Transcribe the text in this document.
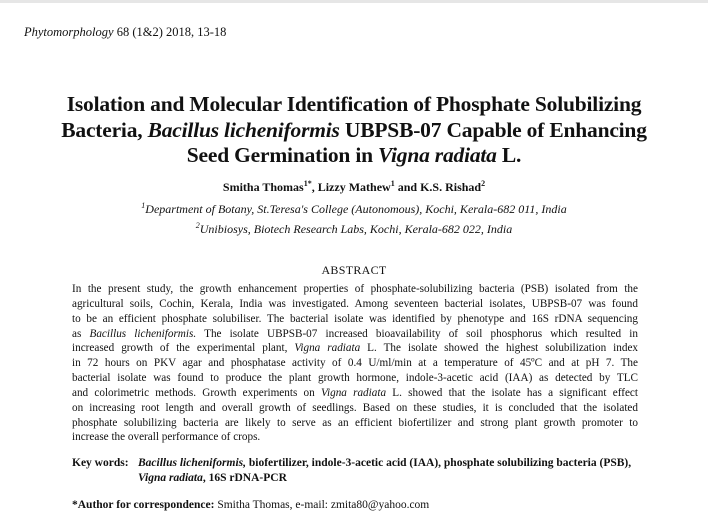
Phytomorphology 68 (1&2) 2018, 13-18
Isolation and Molecular Identification of Phosphate Solubilizing
Bacteria, Bacillus licheniformis UBPSB-07 Capable of Enhancing
Seed Germination in Vigna radiata L.
Smitha Thomas$^{1*}$, Lizzy Mathew$^1$ and K.S. Rishad$^2$
$^1$Department of Botany, St.Teresa's College (Autonomous), Kochi, Kerala-682 011, India
$^2$Unibiosys, Biotech Research Labs, Kochi, Kerala-682 022, India
ABSTRACT
In the present study, the growth enhancement properties of phosphate-solubilizing bacteria (PSB) isolated from the
agricultural soils, Cochin, Kerala, India was investigated. Among seventeen bacterial isolates, UBPSB-07 was found
to be an efficient phosphate solubiliser. The bacterial isolate was identified by phenotype and 16S rDNA sequencing
as Bacillus licheniformis. The isolate UBPSB-07 increased bioavailability of soil phosphorus which resulted in
increased growth of the experimental plant, Vigna radiata L. The isolate showed the highest solubilization index
in 72 hours on PKV agar and phosphatase activity of 0.4 U/ml/min at a temperature of 45ºC and at pH 7. The
bacterial isolate was found to produce the plant growth hormone, indole-3-acetic acid (IAA) as detected by TLC
and colorimetric methods. Growth experiments on Vigna radiata L. showed that the isolate has a significant effect
on increasing root length and overall growth of seedlings. Based on these studies, it is concluded that the isolated
phosphate solubilizing bacteria are likely to serve as an efficient biofertilizer and strong plant growth promoter to
increase the overall performance of crops.
Key words: Bacillus licheniformis, biofertilizer, indole-3-acetic acid (IAA), phosphate solubilizing bacteria (PSB),
Vigna radiata, 16S rDNA-PCR
*Author for correspondence: Smitha Thomas, e-mail: zmita80@yahoo.com
